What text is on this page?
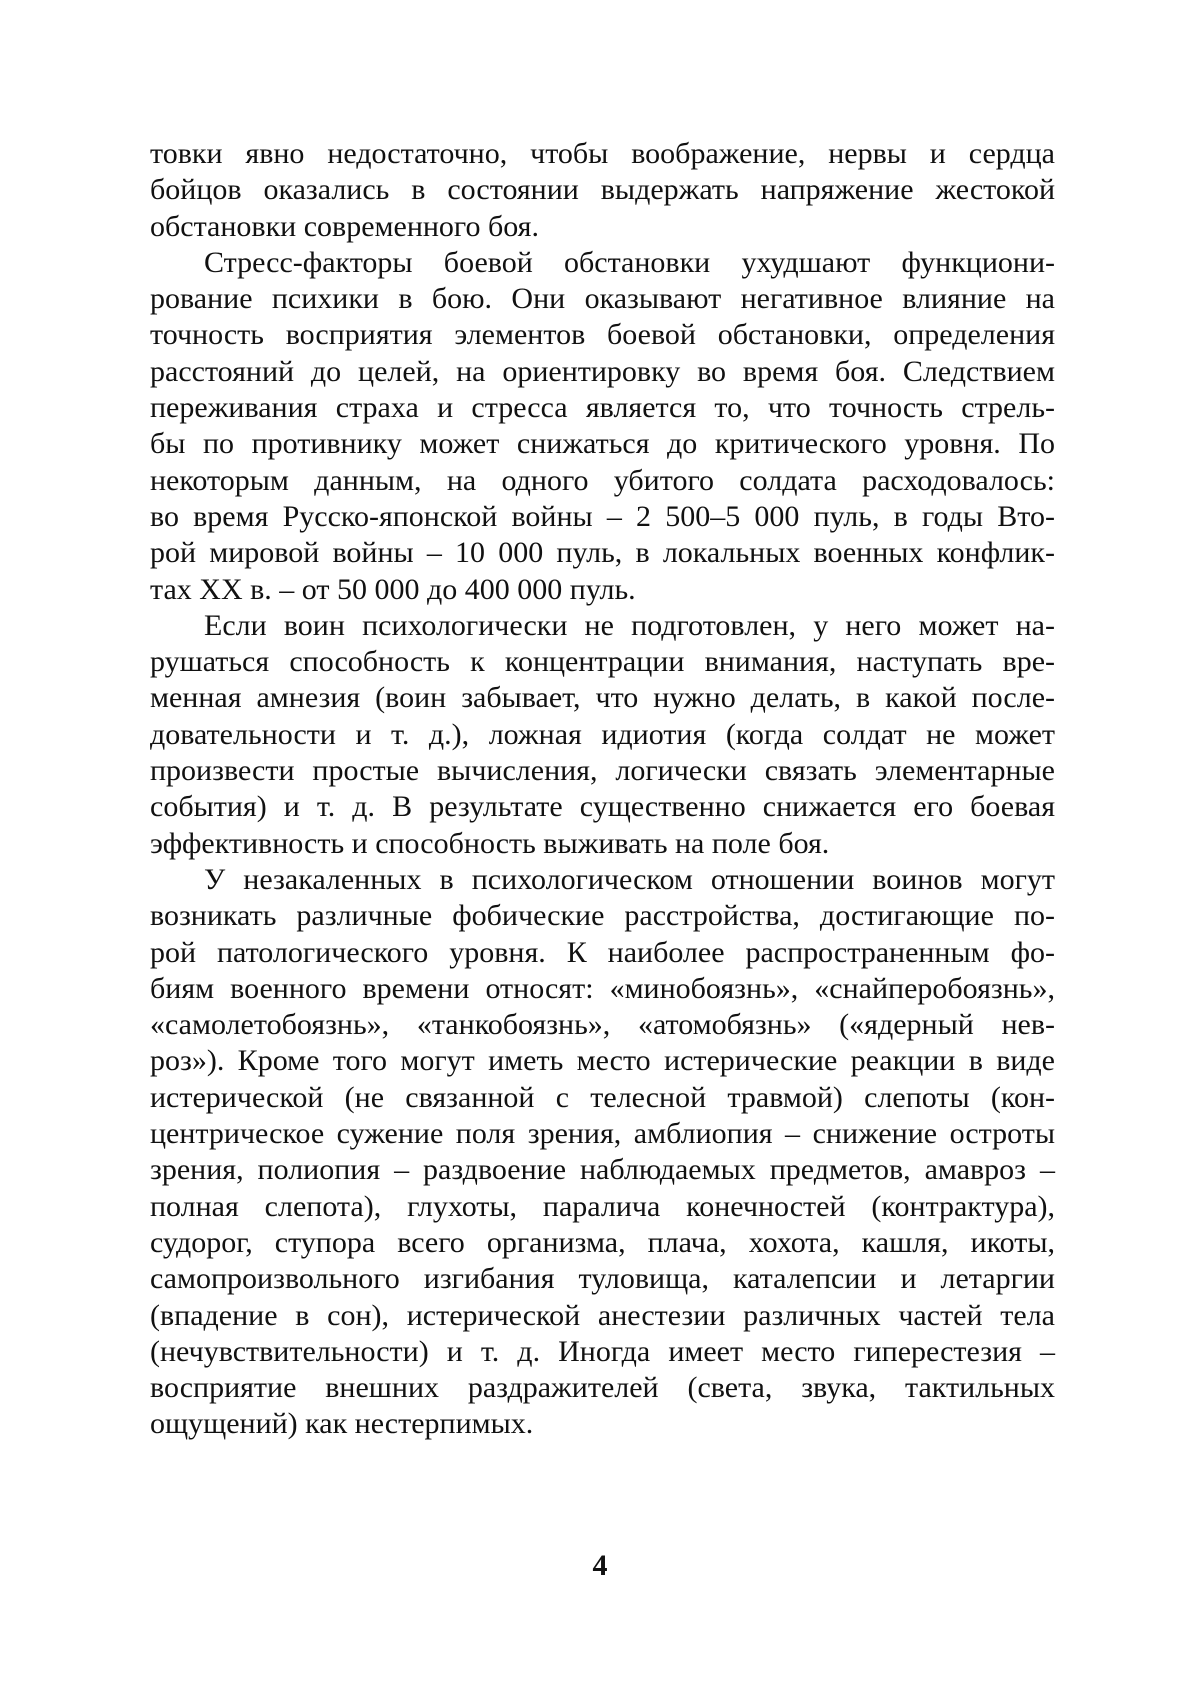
товки явно недостаточно, чтобы воображение, нервы и сердца
бойцов оказались в состоянии выдержать напряжение жестокой
обстановки современного боя.

Стресс-факторы боевой обстановки ухудшают функциони-
рование психики в бою. Они оказывают негативное влияние на
точность восприятия элементов боевой обстановки, определения
расстояний до целей, на ориентировку во время боя. Следствием
переживания страха и стресса является то, что точность стрель-
бы по противнику может снижаться до критического уровня. По
некоторым данным, на одного убитого солдата расходовалось:
во время Русско-японской войны – 2 500–5 000 пуль, в годы Вто-
рой мировой войны – 10 000 пуль, в локальных военных конфлик-
тах XX в. – от 50 000 до 400 000 пуль.

Если воин психологически не подготовлен, у него может на-
рушаться способность к концентрации внимания, наступать вре-
менная амнезия (воин забывает, что нужно делать, в какой после-
довательности и т. д.), ложная идиотия (когда солдат не может
произвести простые вычисления, логически связать элементарные
события) и т. д. В результате существенно снижается его боевая
эффективность и способность выживать на поле боя.

У незакаленных в психологическом отношении воинов могут
возникать различные фобические расстройства, достигающие по-
рой патологического уровня. К наиболее распространенным фо-
биям военного времени относят: «минобоязнь», «снайперобоязнь»,
«самолетобоязнь», «танкобоязнь», «атомобязнь» («ядерный нев-
роз»). Кроме того могут иметь место истерические реакции в виде
истерической (не связанной с телесной травмой) слепоты (кон-
центрическое сужение поля зрения, амблиопия – снижение остроты
зрения, полиопия – раздвоение наблюдаемых предметов, амавроз –
полная слепота), глухоты, паралича конечностей (контрактура),
судорог, ступора всего организма, плача, хохота, кашля, икоты,
самопроизвольного изгибания туловища, каталепсии и летаргии
(впадение в сон), истерической анестезии различных частей тела
(нечувствительности) и т. д. Иногда имеет место гиперестезия –
восприятие внешних раздражителей (света, звука, тактильных
ощущений) как нестерпимых.

4
